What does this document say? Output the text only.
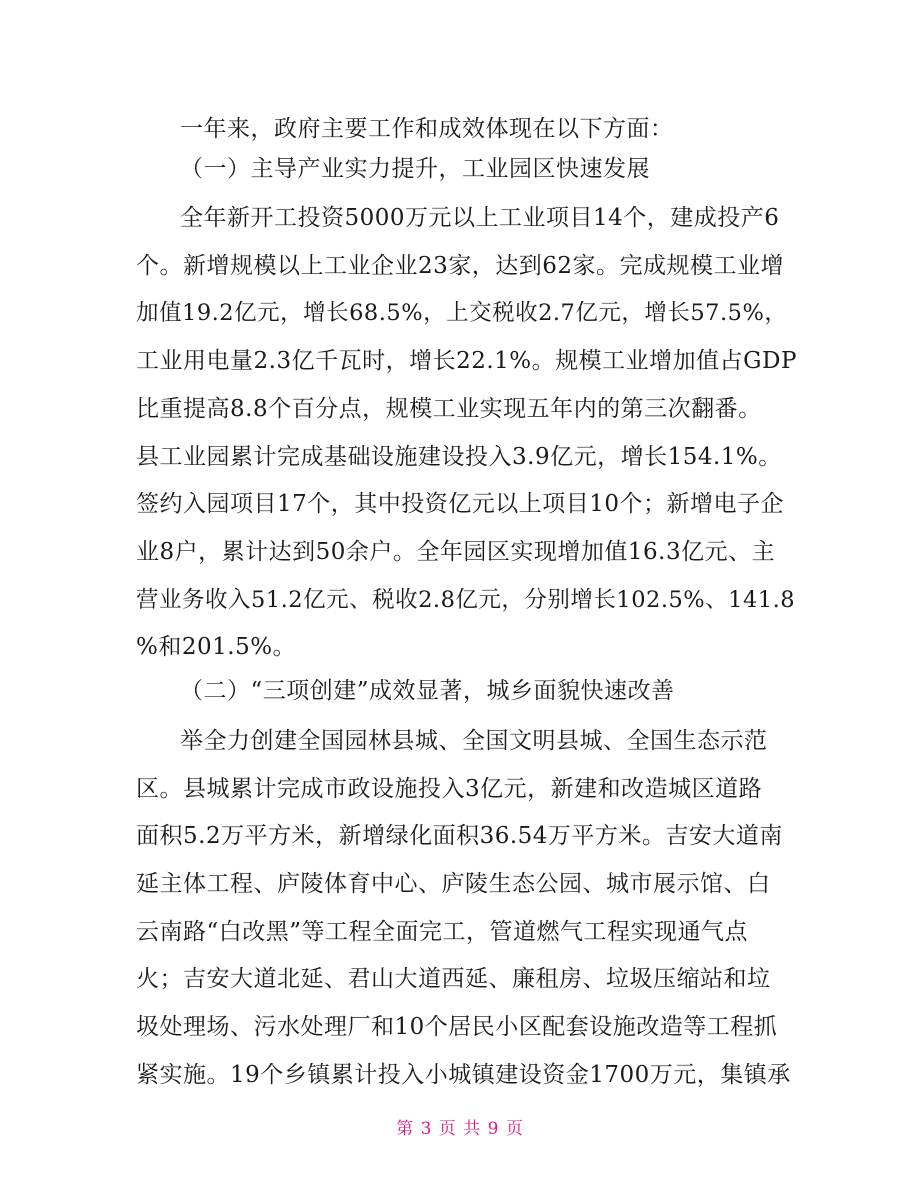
一年来，政府主要工作和成效体现在以下方面：
（一）主导产业实力提升，工业园区快速发展
全年新开工投资5000万元以上工业项目14个，建成投产6
个。新增规模以上工业企业23家，达到62家。完成规模工业增
加值19.2亿元，增长68.5%，上交税收2.7亿元，增长57.5%，
工业用电量2.3亿千瓦时，增长22.1%。规模工业增加值占GDP
比重提高8.8个百分点，规模工业实现五年内的第三次翻番。
县工业园累计完成基础设施建设投入3.9亿元，增长154.1%。
签约入园项目17个，其中投资亿元以上项目10个；新增电子企
业8户，累计达到50余户。全年园区实现增加值16.3亿元、主
营业务收入51.2亿元、税收2.8亿元，分别增长102.5%、141.8
%和201.5%。
（二）“三项创建”成效显著，城乡面貌快速改善
举全力创建全国园林县城、全国文明县城、全国生态示范
区。县城累计完成市政设施投入3亿元，新建和改造城区道路
面积5.2万平方米，新增绿化面积36.54万平方米。吉安大道南
延主体工程、庐陵体育中心、庐陵生态公园、城市展示馆、白
云南路“白改黑”等工程全面完工，管道燃气工程实现通气点
火；吉安大道北延、君山大道西延、廉租房、垃圾压缩站和垃
圾处理场、污水处理厂和10个居民小区配套设施改造等工程抓
紧实施。19个乡镇累计投入小城镇建设资金1700万元，集镇承
第 3 页 共 9 页
